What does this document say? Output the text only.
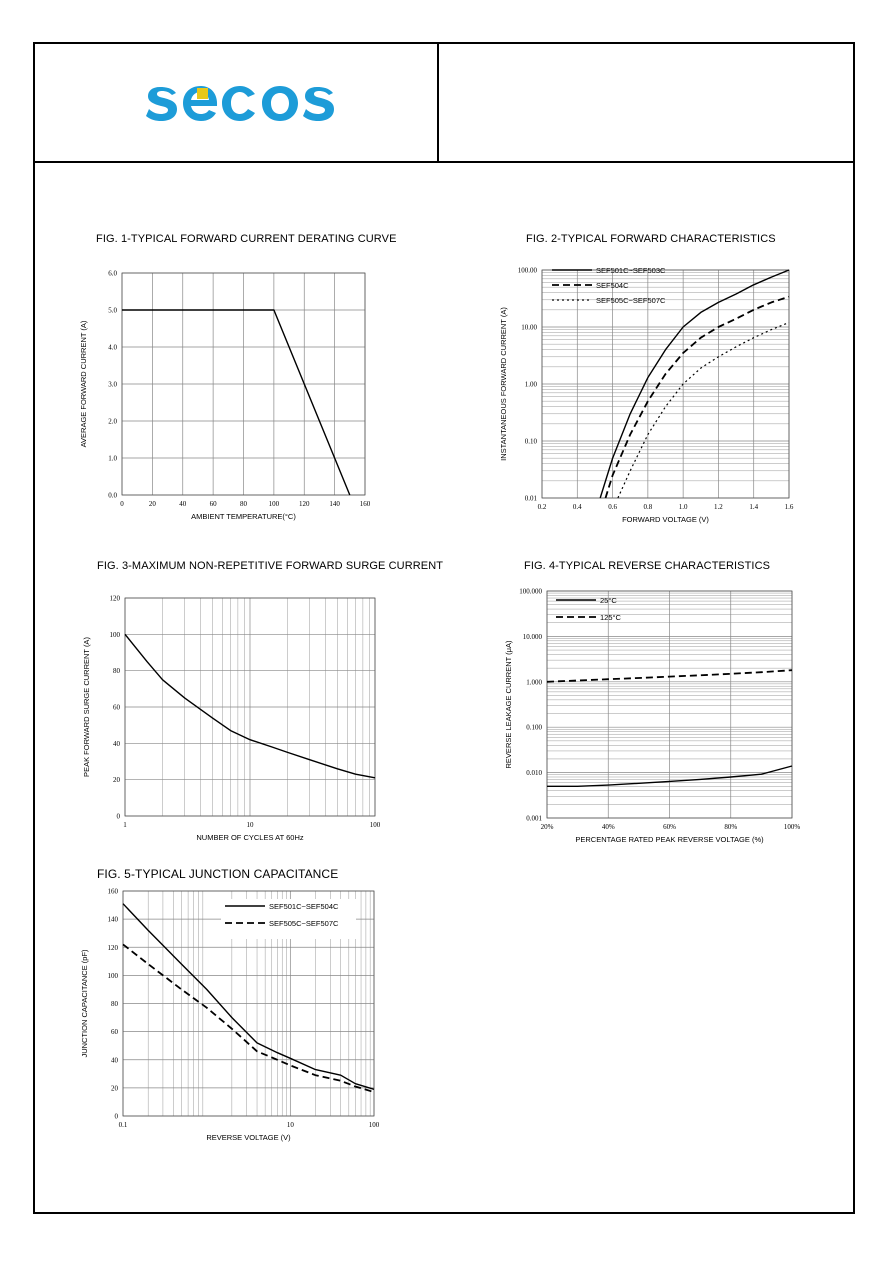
FIG. 1-TYPICAL FORWARD CURRENT DERATING CURVE	FIG. 2-TYPICAL FORWARD CHARACTERISTICS
FIG. 3-MAXIMUM NON-REPETITIVE FORWARD SURGE CURRENT	FIG. 4-TYPICAL REVERSE CHARACTERISTICS
FIG. 5-TYPICAL JUNCTION CAPACITANCE
0	20	40	60	80	100	120	140	160
0.0
1.0
2.0
3.0
4.0
5.0
6.0
AMBIENT TEMPERATURE(°C)
AVERAGE FORWARD CURRENT (A)
0.2	0.4	0.6	0.8	1.0	1.2	1.4	1.6
0.01
0.10
1.00
10.00
100.00
FORWARD VOLTAGE (V)
INSTANTANEOUS FORWARD CURRENT (A)
SEF501C~SEF503C
SEF504C
SEF505C~SEF507C
1	10	100
0
20
40
60
80
100
120
NUMBER OF CYCLES AT 60Hz
PEAK FORWARD SURGE CURRENT (A)
20%	40%	60%	80%	100%
0.001
0.010
0.100
1.000
10.000
100.000
PERCENTAGE RATED PEAK REVERSE VOLTAGE (%)
REVERSE LEAKAGE CURRENT (μA)
25°C
125°C
0.1	10	100
0
20
40
60
80
100
120
140
160
REVERSE VOLTAGE (V)
JUNCTION CAPACITANCE (pF)
SEF501C~SEF504C
SEF505C~SEF507C
